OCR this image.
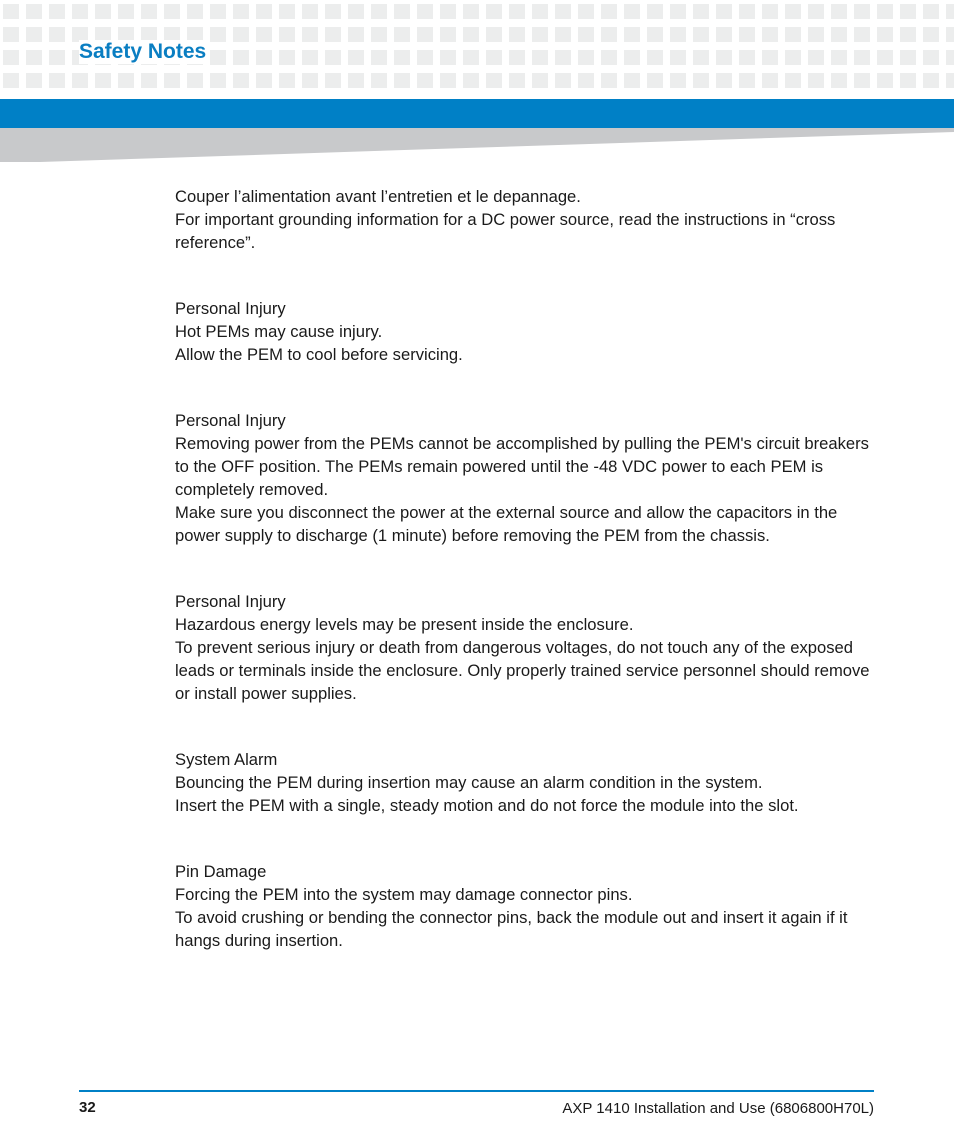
Safety Notes

Couper l’alimentation avant l’entretien et le depannage.

For important grounding information for a DC power source, read the instructions in “cross reference”.

Personal Injury

Hot PEMs may cause injury.

Allow the PEM to cool before servicing.

Personal Injury

Removing power from the PEMs cannot be accomplished by pulling the PEM's circuit breakers to the OFF position. The PEMs remain powered until the -48 VDC power to each PEM is completely removed.

Make sure you disconnect the power at the external source and allow the capacitors in the power supply to discharge (1 minute) before removing the PEM from the chassis.

Personal Injury

Hazardous energy levels may be present inside the enclosure.

To prevent serious injury or death from dangerous voltages, do not touch any of the exposed leads or terminals inside the enclosure. Only properly trained service personnel should remove or install power supplies.

System Alarm

Bouncing the PEM during insertion may cause an alarm condition in the system.

Insert the PEM with a single, steady motion and do not force the module into the slot.

Pin Damage

Forcing the PEM into the system may damage connector pins.

To avoid crushing or bending the connector pins, back the module out and insert it again if it hangs during insertion.

32	AXP 1410 Installation and Use (6806800H70L)
